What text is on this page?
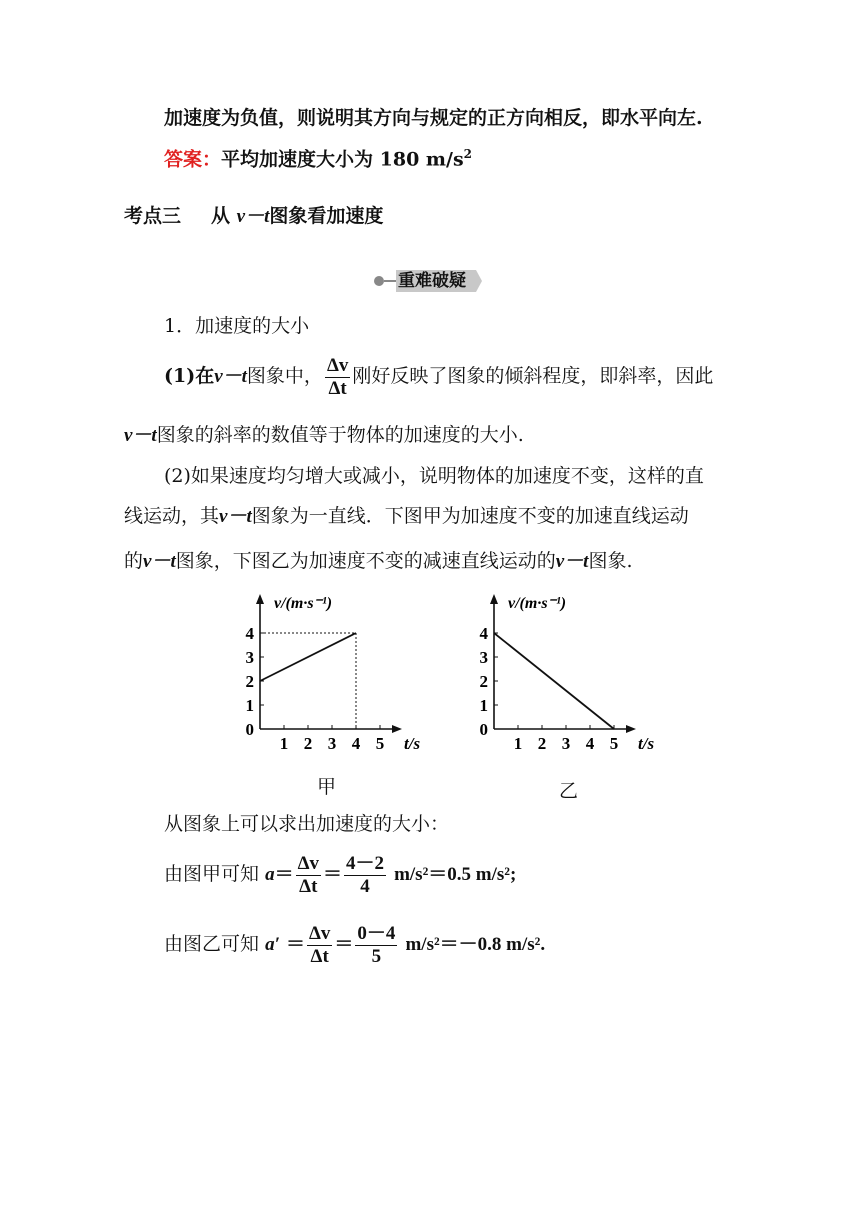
加速度为负值，则说明其方向与规定的正方向相反，即水平向左.
答案：平均加速度大小为 180 $m/s^2$
考点三 从 v－t图象看加速度
重难破疑
1．加速度的大小
(1)在v－t图象中， $\frac{\Delta v}{\Delta t}$ 刚好反映了图象的倾斜程度，即斜率，因此
v－t图象的斜率的数值等于物体的加速度的大小.
(2)如果速度均匀增大或减小，说明物体的加速度不变，这样的直
线运动，其v－t图象为一直线．下图甲为加速度不变的加速直线运动
的v－t图象，下图乙为加速度不变的减速直线运动的v－t图象.
v/(m·s⁻¹)
t/s
0
1
2
3
4
1 2 3 4 5
v/(m·s⁻¹)
t/s
0
1
2
3
4
1 2 3 4 5
甲	乙
从图象上可以求出加速度的大小：
由图甲可知 $a= \frac{\Delta v}{\Delta t} = \frac{4-2}{4} m/s^2=0.5$ m/s²;
由图乙可知 $a' = \frac{\Delta v}{\Delta t} = \frac{0-4}{5} m/s^2=-0.8$ m/s².
